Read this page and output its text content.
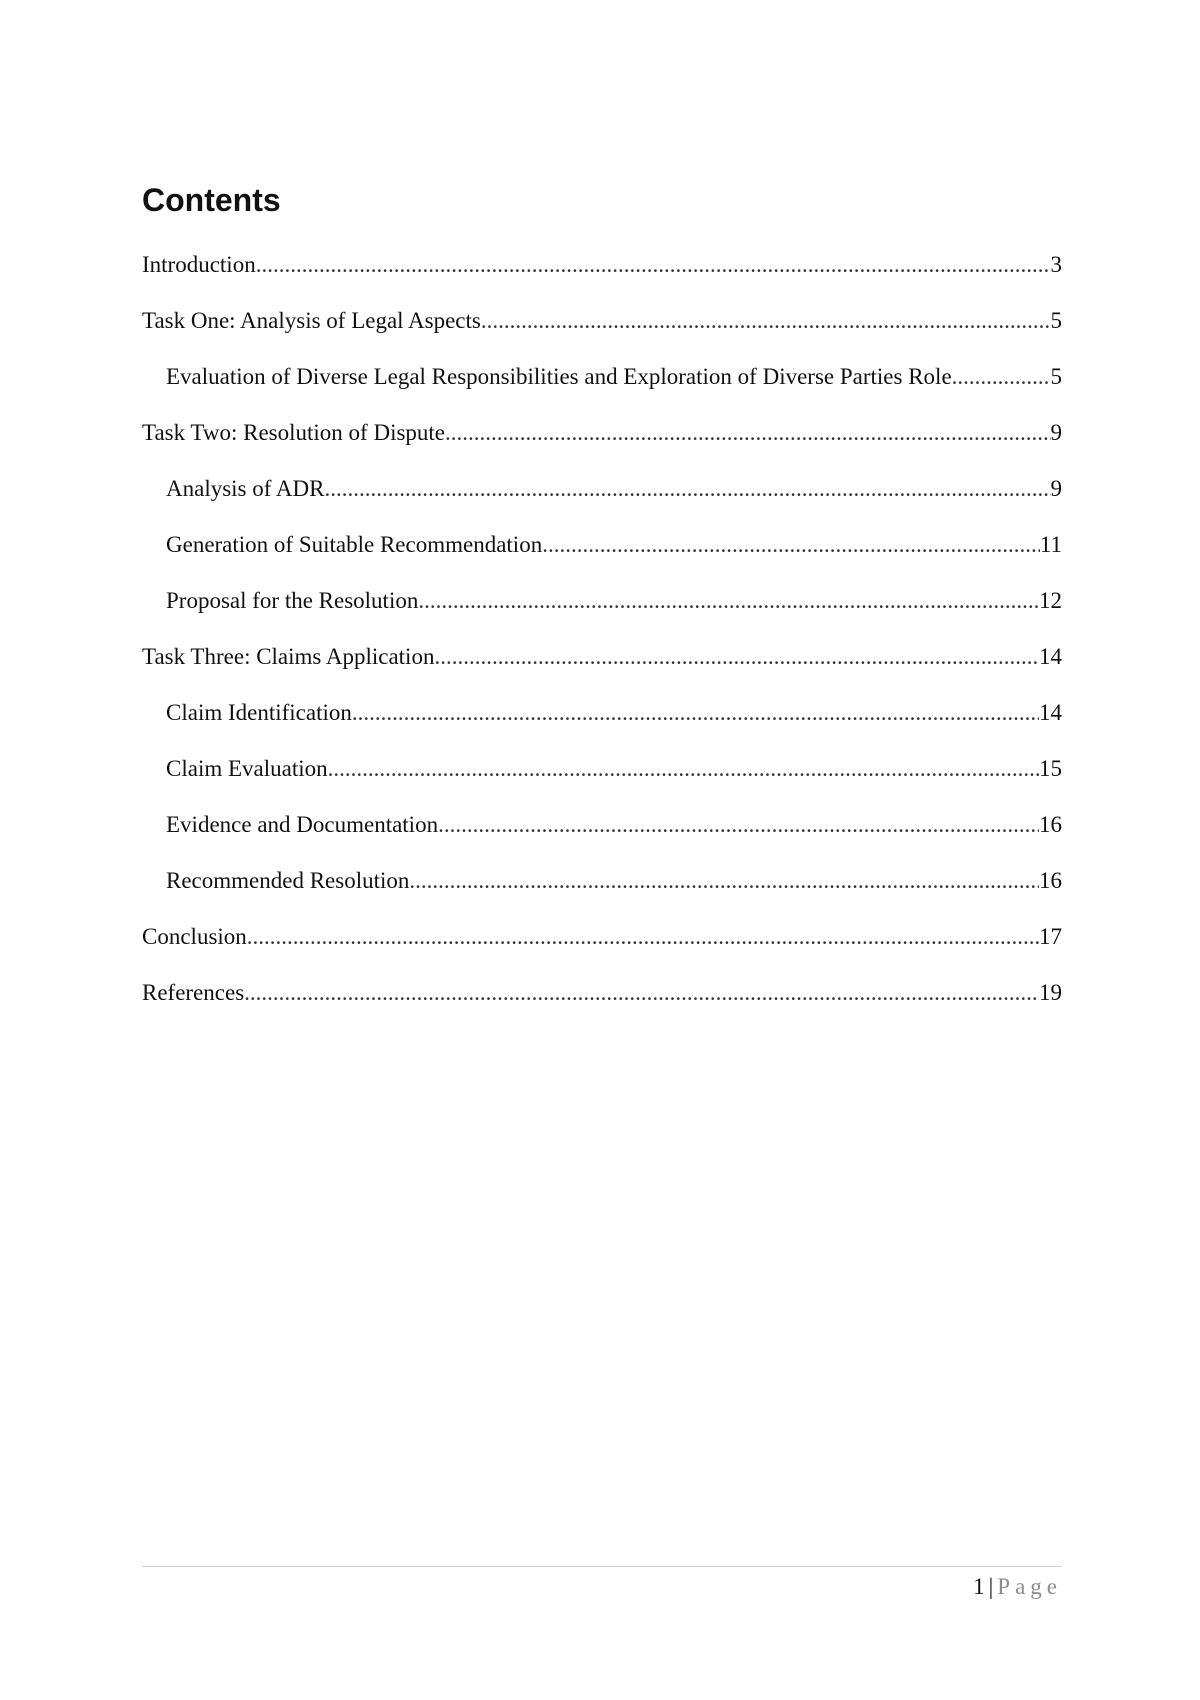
Contents
Introduction .....	3
Task One: Analysis of Legal Aspects .....	5
Evaluation of Diverse Legal Responsibilities and Exploration of Diverse Parties Role .....	5
Task Two: Resolution of Dispute .....	9
Analysis of ADR .....	9
Generation of Suitable Recommendation .....	11
Proposal for the Resolution .....	12
Task Three: Claims Application .....	14
Claim Identification .....	14
Claim Evaluation .....	15
Evidence and Documentation .....	16
Recommended Resolution .....	16
Conclusion .....	17
References .....	19
1 | Page
